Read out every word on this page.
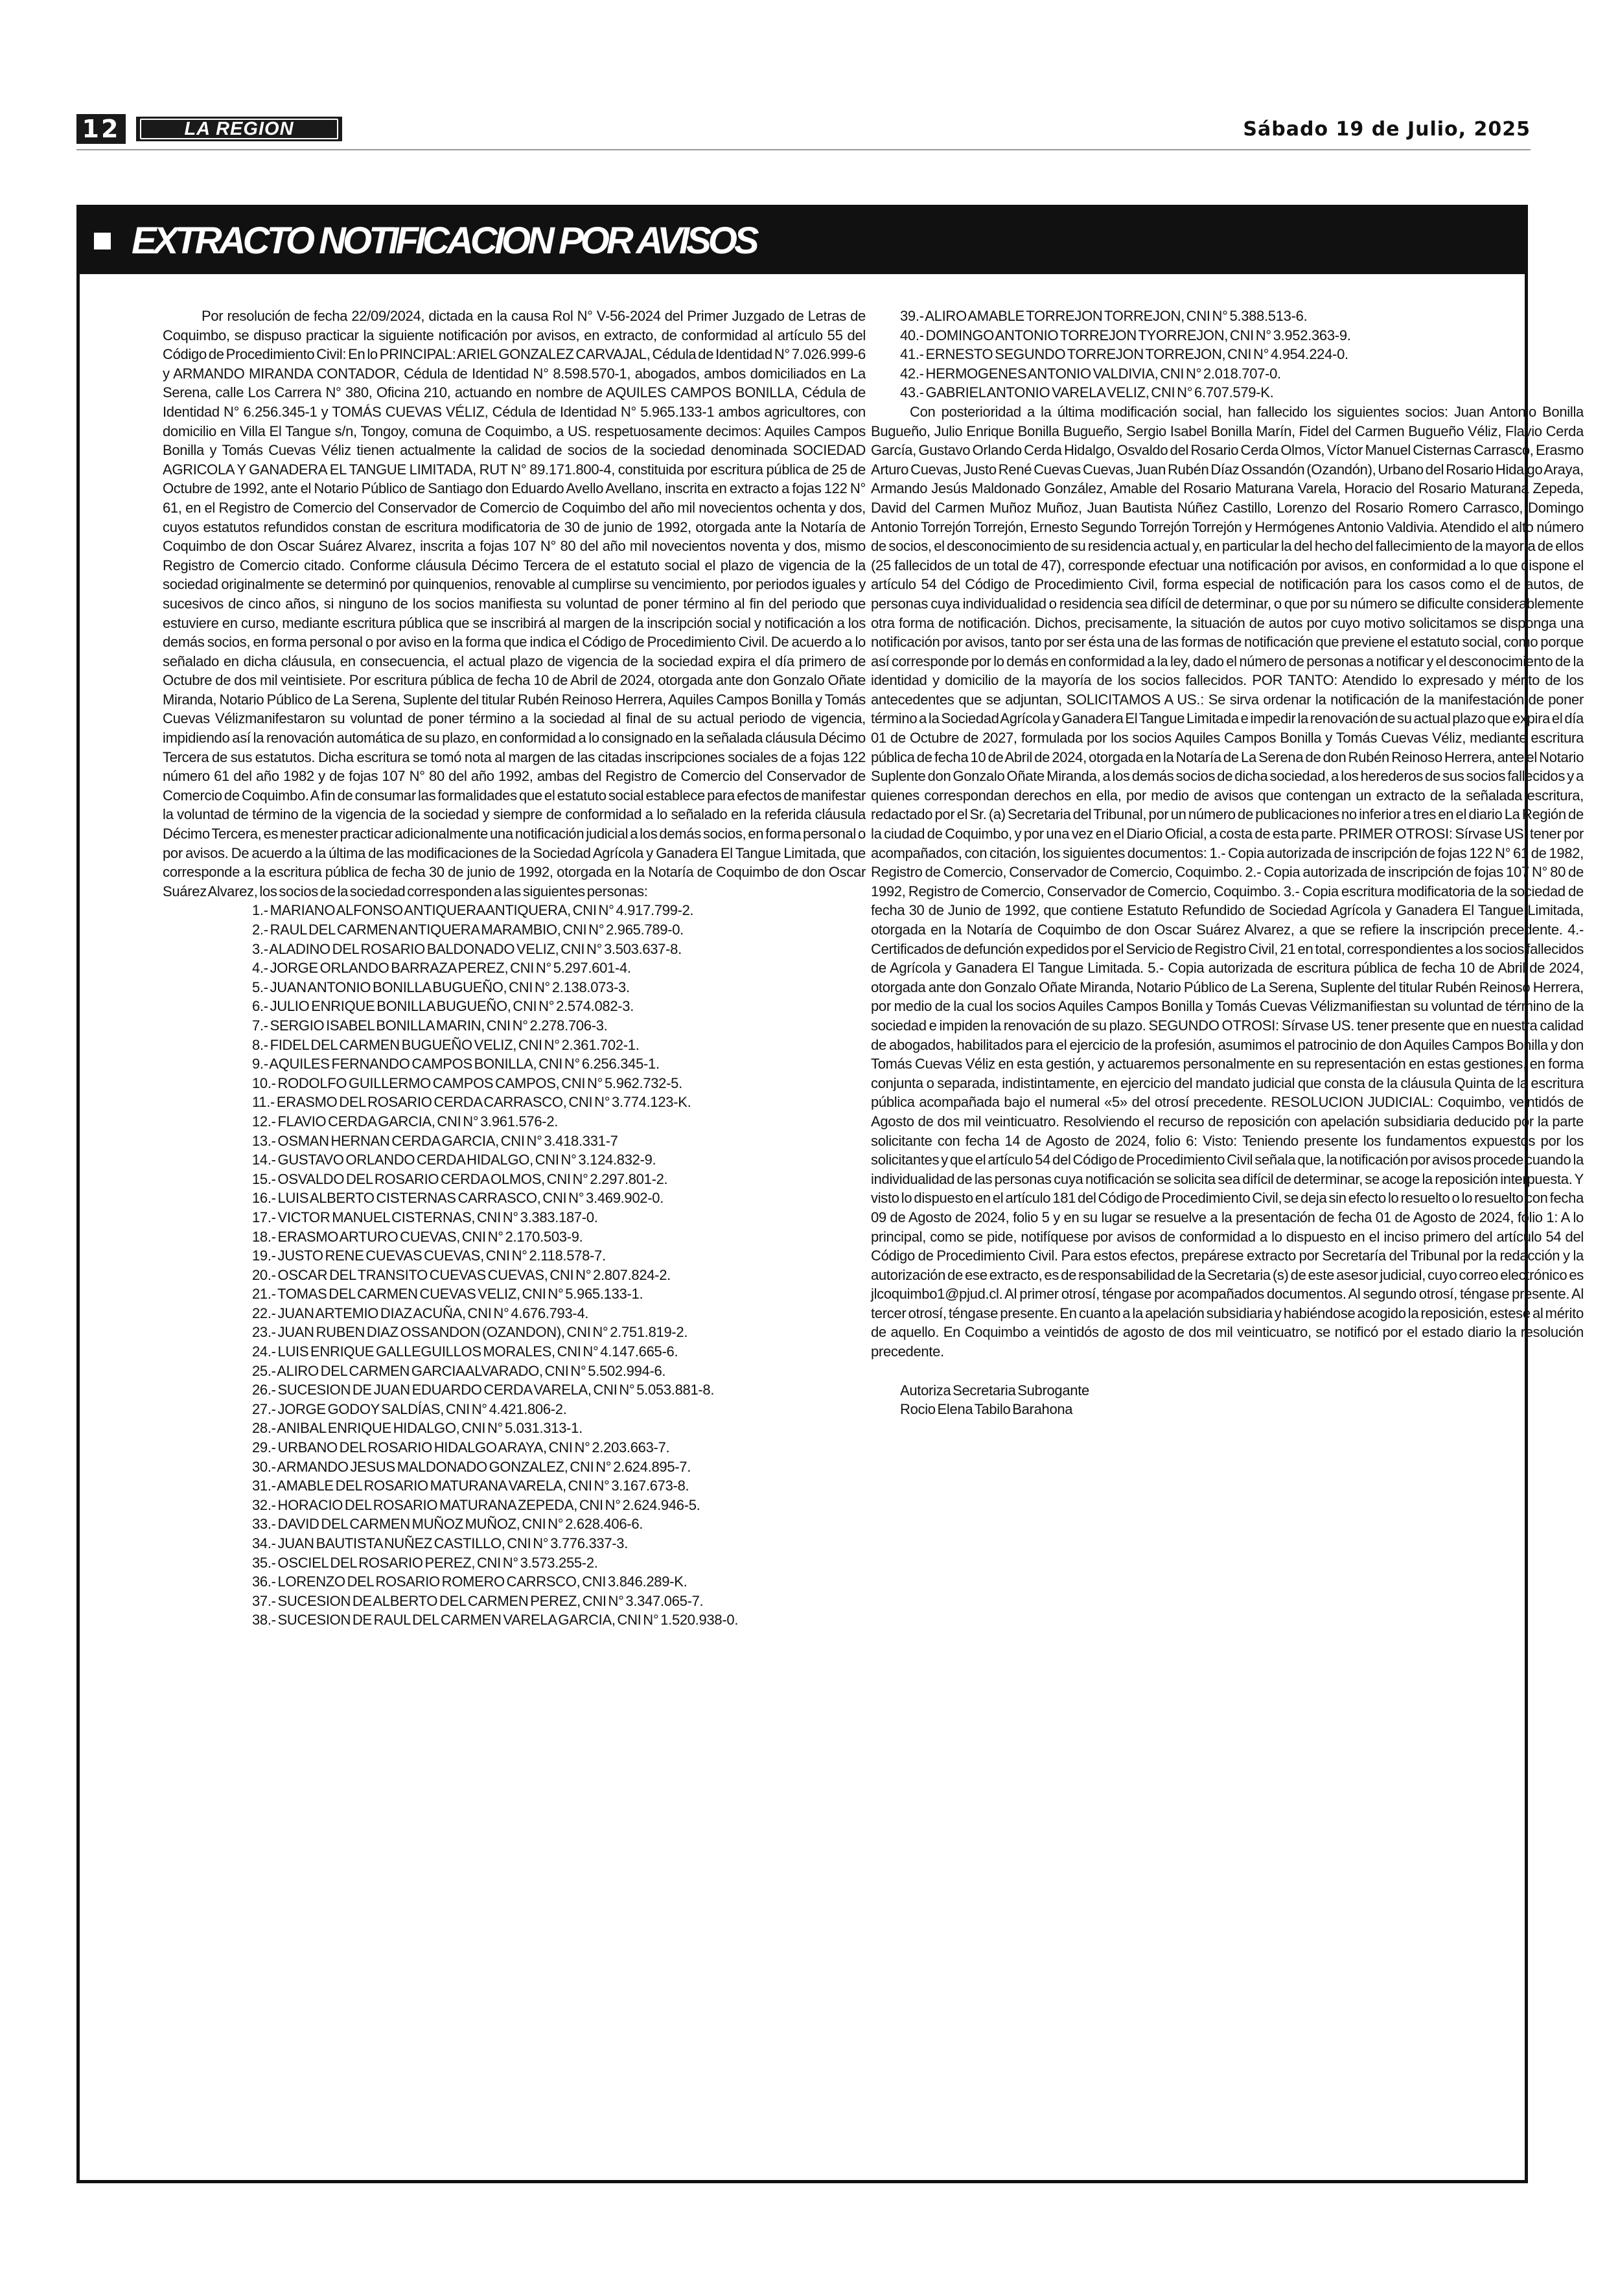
12	LA REGION	Sábado 19 de Julio, 2025
EXTRACTO NOTIFICACION POR AVISOS

Por resolución de fecha 22/09/2024, dictada en la causa Rol N° V-56-2024 del Primer Juzgado de Letras de Coquimbo, se dispuso practicar la siguiente notificación por avisos, en extracto, de conformidad al artículo 55 del Código de Procedimiento Civil: En lo PRINCIPAL: ARIEL GONZALEZ CARVAJAL, Cédula de Identidad N° 7.026.999-6 y ARMANDO MIRANDA CONTADOR, Cédula de Identidad N° 8.598.570-1, abogados, ambos domiciliados en La Serena, calle Los Carrera N° 380, Oficina 210, actuando en nombre de AQUILES CAMPOS BONILLA, Cédula de Identidad N° 6.256.345-1 y TOMÁS CUEVAS VÉLIZ, Cédula de Identidad N° 5.965.133-1 ambos agricultores, con domicilio en Villa El Tangue s/n, Tongoy, comuna de Coquimbo, a US. respetuosamente decimos: Aquiles Campos Bonilla y Tomás Cuevas Véliz tienen actualmente la calidad de socios de la sociedad denominada SOCIEDAD AGRICOLA Y GANADERA EL TANGUE LIMITADA, RUT N° 89.171.800-4, constituida por escritura pública de 25 de Octubre de 1992, ante el Notario Público de Santiago don Eduardo Avello Avellano, inscrita en extracto a fojas 122 N° 61, en el Registro de Comercio del Conservador de Comercio de Coquimbo del año mil novecientos ochenta y dos, cuyos estatutos refundidos constan de escritura modificatoria de 30 de junio de 1992, otorgada ante la Notaría de Coquimbo de don Oscar Suárez Alvarez, inscrita a fojas 107 N° 80 del año mil novecientos noventa y dos, mismo Registro de Comercio citado. Conforme cláusula Décimo Tercera de el estatuto social el plazo de vigencia de la sociedad originalmente se determinó por quinquenios, renovable al cumplirse su vencimiento, por periodos iguales y sucesivos de cinco años, si ninguno de los socios manifiesta su voluntad de poner término al fin del periodo que estuviere en curso, mediante escritura pública que se inscribirá al margen de la inscripción social y notificación a los demás socios, en forma personal o por aviso en la forma que indica el Código de Procedimiento Civil. De acuerdo a lo señalado en dicha cláusula, en consecuencia, el actual plazo de vigencia de la sociedad expira el día primero de Octubre de dos mil veintisiete. Por escritura pública de fecha 10 de Abril de 2024, otorgada ante don Gonzalo Oñate Miranda, Notario Público de La Serena, Suplente del titular Rubén Reinoso Herrera, Aquiles Campos Bonilla y Tomás Cuevas Vélizmanifestaron su voluntad de poner término a la sociedad al final de su actual periodo de vigencia, impidiendo así la renovación automática de su plazo, en conformidad a lo consignado en la señalada cláusula Décimo Tercera de sus estatutos. Dicha escritura se tomó nota al margen de las citadas inscripciones sociales de a fojas 122 número 61 del año 1982 y de fojas 107 N° 80 del año 1992, ambas del Registro de Comercio del Conservador de Comercio de Coquimbo. A fin de consumar las formalidades que el estatuto social establece para efectos de manifestar la voluntad de término de la vigencia de la sociedad y siempre de conformidad a lo señalado en la referida cláusula Décimo Tercera, es menester practicar adicionalmente una notificación judicial a los demás socios, en forma personal o por avisos. De acuerdo a la última de las modificaciones de la Sociedad Agrícola y Ganadera El Tangue Limitada, que corresponde a la escritura pública de fecha 30 de junio de 1992, otorgada en la Notaría de Coquimbo de don Oscar Suárez Alvarez, los socios de la sociedad corresponden a las siguientes personas:

1.- MARIANO ALFONSO ANTIQUERA ANTIQUERA, CNI N° 4.917.799-2.
2.- RAUL DEL CARMEN ANTIQUERA MARAMBIO, CNI N° 2.965.789-0.
3.- ALADINO DEL ROSARIO BALDONADO VELIZ, CNI N° 3.503.637-8.
4.- JORGE ORLANDO BARRAZA PEREZ, CNI N° 5.297.601-4.
5.- JUAN ANTONIO BONILLA BUGUEÑO, CNI N° 2.138.073-3.
6.- JULIO ENRIQUE BONILLA BUGUEÑO, CNI N° 2.574.082-3.
7.- SERGIO ISABEL BONILLA MARIN, CNI N° 2.278.706-3.
8.- FIDEL DEL CARMEN BUGUEÑO VELIZ, CNI N° 2.361.702-1.
9.- AQUILES FERNANDO CAMPOS BONILLA, CNI N° 6.256.345-1.
10.- RODOLFO GUILLERMO CAMPOS CAMPOS, CNI N° 5.962.732-5.
11.- ERASMO DEL ROSARIO CERDA CARRASCO, CNI N° 3.774.123-K.
12.- FLAVIO CERDA GARCIA, CNI N° 3.961.576-2.
13.- OSMAN HERNAN CERDA GARCIA, CNI N° 3.418.331-7
14.- GUSTAVO ORLANDO CERDA HIDALGO, CNI N° 3.124.832-9.
15.- OSVALDO DEL ROSARIO CERDA OLMOS, CNI N° 2.297.801-2.
16.- LUIS ALBERTO CISTERNAS CARRASCO, CNI N° 3.469.902-0.
17.- VICTOR MANUEL CISTERNAS, CNI N° 3.383.187-0.
18.- ERASMO ARTURO CUEVAS, CNI N° 2.170.503-9.
19.- JUSTO RENE CUEVAS CUEVAS, CNI N° 2.118.578-7.
20.- OSCAR DEL TRANSITO CUEVAS CUEVAS, CNI N° 2.807.824-2.
21.- TOMAS DEL CARMEN CUEVAS VELIZ, CNI N° 5.965.133-1.
22.- JUAN ARTEMIO DIAZ ACUÑA, CNI N° 4.676.793-4.
23.- JUAN RUBEN DIAZ OSSANDON (OZANDON), CNI N° 2.751.819-2.
24.- LUIS ENRIQUE GALLEGUILLOS MORALES, CNI N° 4.147.665-6.
25.- ALIRO DEL CARMEN GARCIA ALVARADO, CNI N° 5.502.994-6.
26.- SUCESION DE JUAN EDUARDO CERDA VARELA, CNI N° 5.053.881-8.
27.- JORGE GODOY SALDÍAS, CNI N° 4.421.806-2.
28.- ANIBAL ENRIQUE HIDALGO, CNI N° 5.031.313-1.
29.- URBANO DEL ROSARIO HIDALGO ARAYA, CNI N° 2.203.663-7.
30.- ARMANDO JESUS MALDONADO GONZALEZ, CNI N° 2.624.895-7.
31.- AMABLE DEL ROSARIO MATURANA VARELA, CNI N° 3.167.673-8.
32.- HORACIO DEL ROSARIO MATURANA ZEPEDA, CNI N° 2.624.946-5.
33.- DAVID DEL CARMEN MUÑOZ MUÑOZ, CNI N° 2.628.406-6.
34.- JUAN BAUTISTA NUÑEZ CASTILLO, CNI N° 3.776.337-3.
35.- OSCIEL DEL ROSARIO PEREZ, CNI N° 3.573.255-2.
36.- LORENZO DEL ROSARIO ROMERO CARRSCO, CNI 3.846.289-K.
37.- SUCESION DE ALBERTO DEL CARMEN PEREZ, CNI N° 3.347.065-7.
38.- SUCESION DE RAUL DEL CARMEN VARELA GARCIA, CNI N° 1.520.938-0.
39.- ALIRO AMABLE TORREJON TORREJON, CNI N° 5.388.513-6.
40.- DOMINGO ANTONIO TORREJON TYORREJON, CNI N° 3.952.363-9.
41.- ERNESTO SEGUNDO TORREJON TORREJON, CNI N° 4.954.224-0.
42.- HERMOGENES ANTONIO VALDIVIA, CNI N° 2.018.707-0.
43.- GABRIEL ANTONIO VARELA VELIZ, CNI N° 6.707.579-K.

Con posterioridad a la última modificación social, han fallecido los siguientes socios: Juan Antonio Bonilla Bugueño, Julio Enrique Bonilla Bugueño, Sergio Isabel Bonilla Marín, Fidel del Carmen Bugueño Véliz, Flavio Cerda García, Gustavo Orlando Cerda Hidalgo, Osvaldo del Rosario Cerda Olmos, Víctor Manuel Cisternas Carrasco, Erasmo Arturo Cuevas, Justo René Cuevas Cuevas, Juan Rubén Díaz Ossandón (Ozandón), Urbano del Rosario Hidalgo Araya, Armando Jesús Maldonado González, Amable del Rosario Maturana Varela, Horacio del Rosario Maturana Zepeda, David del Carmen Muñoz Muñoz, Juan Bautista Núñez Castillo, Lorenzo del Rosario Romero Carrasco, Domingo Antonio Torrejón Torrejón, Ernesto Segundo Torrejón Torrejón y Hermógenes Antonio Valdivia. Atendido el alto número de socios, el desconocimiento de su residencia actual y, en particular la del hecho del fallecimiento de la mayoría de ellos (25 fallecidos de un total de 47), corresponde efectuar una notificación por avisos, en conformidad a lo que dispone el artículo 54 del Código de Procedimiento Civil, forma especial de notificación para los casos como el de autos, de personas cuya individualidad o residencia sea difícil de determinar, o que por su número se dificulte considerablemente otra forma de notificación. Dichos, precisamente, la situación de autos por cuyo motivo solicitamos se disponga una notificación por avisos, tanto por ser ésta una de las formas de notificación que previene el estatuto social, como porque así corresponde por lo demás en conformidad a la ley, dado el número de personas a notificar y el desconocimiento de la identidad y domicilio de la mayoría de los socios fallecidos. POR TANTO: Atendido lo expresado y mérito de los antecedentes que se adjuntan, SOLICITAMOS A US.: Se sirva ordenar la notificación de la manifestación de poner término a la Sociedad Agrícola y Ganadera El Tangue Limitada e impedir la renovación de su actual plazo que expira el día 01 de Octubre de 2027, formulada por los socios Aquiles Campos Bonilla y Tomás Cuevas Véliz, mediante escritura pública de fecha 10 de Abril de 2024, otorgada en la Notaría de La Serena de don Rubén Reinoso Herrera, ante el Notario Suplente don Gonzalo Oñate Miranda, a los demás socios de dicha sociedad, a los herederos de sus socios fallecidos y a quienes correspondan derechos en ella, por medio de avisos que contengan un extracto de la señalada escritura, redactado por el Sr. (a) Secretaria del Tribunal, por un número de publicaciones no inferior a tres en el diario La Región de la ciudad de Coquimbo, y por una vez en el Diario Oficial, a costa de esta parte. PRIMER OTROSI: Sírvase US. tener por acompañados, con citación, los siguientes documentos: 1.- Copia autorizada de inscripción de fojas 122 N° 61 de 1982, Registro de Comercio, Conservador de Comercio, Coquimbo. 2.- Copia autorizada de inscripción de fojas 107 N° 80 de 1992, Registro de Comercio, Conservador de Comercio, Coquimbo. 3.- Copia escritura modificatoria de la sociedad de fecha 30 de Junio de 1992, que contiene Estatuto Refundido de Sociedad Agrícola y Ganadera El Tangue Limitada, otorgada en la Notaría de Coquimbo de don Oscar Suárez Alvarez, a que se refiere la inscripción precedente. 4.- Certificados de defunción expedidos por el Servicio de Registro Civil, 21 en total, correspondientes a los socios fallecidos de Agrícola y Ganadera El Tangue Limitada. 5.- Copia autorizada de escritura pública de fecha 10 de Abril de 2024, otorgada ante don Gonzalo Oñate Miranda, Notario Público de La Serena, Suplente del titular Rubén Reinoso Herrera, por medio de la cual los socios Aquiles Campos Bonilla y Tomás Cuevas Vélizmanifiestan su voluntad de término de la sociedad e impiden la renovación de su plazo. SEGUNDO OTROSI: Sírvase US. tener presente que en nuestra calidad de abogados, habilitados para el ejercicio de la profesión, asumimos el patrocinio de don Aquiles Campos Bonilla y don Tomás Cuevas Véliz en esta gestión, y actuaremos personalmente en su representación en estas gestiones, en forma conjunta o separada, indistintamente, en ejercicio del mandato judicial que consta de la cláusula Quinta de la escritura pública acompañada bajo el numeral «5» del otrosí precedente. RESOLUCION JUDICIAL: Coquimbo, veintidós de Agosto de dos mil veinticuatro. Resolviendo el recurso de reposición con apelación subsidiaria deducido por la parte solicitante con fecha 14 de Agosto de 2024, folio 6: Visto: Teniendo presente los fundamentos expuestos por los solicitantes y que el artículo 54 del Código de Procedimiento Civil señala que, la notificación por avisos procede cuando la individualidad de las personas cuya notificación se solicita sea difícil de determinar, se acoge la reposición interpuesta. Y visto lo dispuesto en el artículo 181 del Código de Procedimiento Civil, se deja sin efecto lo resuelto o lo resuelto con fecha 09 de Agosto de 2024, folio 5 y en su lugar se resuelve a la presentación de fecha 01 de Agosto de 2024, folio 1: A lo principal, como se pide, notifíquese por avisos de conformidad a lo dispuesto en el inciso primero del artículo 54 del Código de Procedimiento Civil. Para estos efectos, prepárese extracto por Secretaría del Tribunal por la redacción y la autorización de ese extracto, es de responsabilidad de la Secretaria (s) de este asesor judicial, cuyo correo electrónico es jlcoquimbo1@pjud.cl. Al primer otrosí, téngase por acompañados documentos. Al segundo otrosí, téngase presente. Al tercer otrosí, téngase presente. En cuanto a la apelación subsidiaria y habiéndose acogido la reposición, estese al mérito de aquello. En Coquimbo a veintidós de agosto de dos mil veinticuatro, se notificó por el estado diario la resolución precedente.

Autoriza Secretaria Subrogante
Rocio Elena Tabilo Barahona
